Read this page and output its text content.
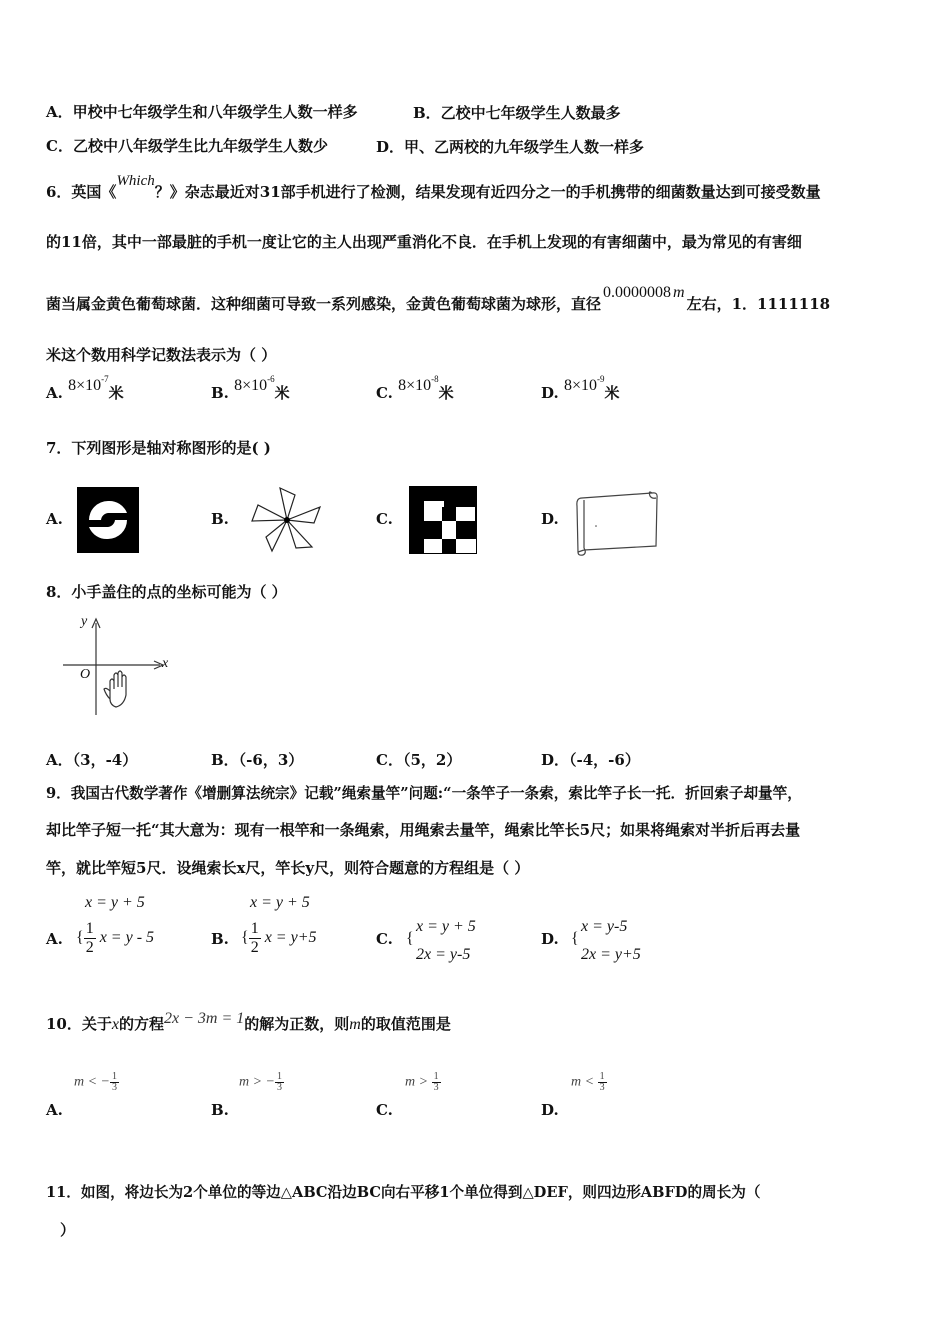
A．甲校中七年级学生和八年级学生人数一样多	B．乙校中七年级学生人数最多
C．乙校中八年级学生比九年级学生人数少	D．甲、乙两校的九年级学生人数一样多
6．英国《Which？》杂志最近对31部手机进行了检测，结果发现有近四分之一的手机携带的细菌数量达到可接受数量
的11倍，其中一部最脏的手机一度让它的主人出现严重消化不良．在手机上发现的有害细菌中，最为常见的有害细
菌当属金黄色葡萄球菌．这种细菌可导致一系列感染，金黄色葡萄球菌为球形，直径0.0000008 m左右，1．1111118
米这个数用科学记数法表示为（ ）
A. $8\times 10^{-7}$米	B. $8\times 10^{-6}$米	C. $8\times 10^{-8}$米	D. $8\times 10^{-9}$米
7．下列图形是轴对称图形的是( )
A.	B.	C.	D.
8．小手盖住的点的坐标可能为（ ）
y
x
O
A．（3，-4）	B．（-6，3）	C．（5，2）	D．（-4，-6）
9．我国古代数学著作《增删算法统宗》记载”绳索量竿”问题:“一条竿子一条索，索比竿子长一托．折回索子却量竿，
却比竿子短一托“其大意为：现有一根竿和一条绳索，用绳索去量竿，绳索比竿长5尺；如果将绳索对半折后再去量
竿，就比竿短5尺．设绳索长x尺，竿长y尺，则符合题意的方程组是（ ）
A.
x = y + 5
{ $\frac{1}{2}$ x = y - 5	B.
x = y + 5
{ $\frac{1}{2}$ x = y+5	C. {
x = y + 5
2x = y-5
D. {
x = y-5
2x = y+5
10．关于x的方程2x − 3m = 1的解为正数，则m的取值范围是
A.
m < − $\frac{1}{3}$
B.
m > − $\frac{1}{3}$
C.
$m > \frac{1}{3}$
D.
$m < \frac{1}{3}$
11．如图，将边长为2个单位的等边△ABC沿边BC向右平移1个单位得到△DEF，则四边形ABFD的周长为（
）
